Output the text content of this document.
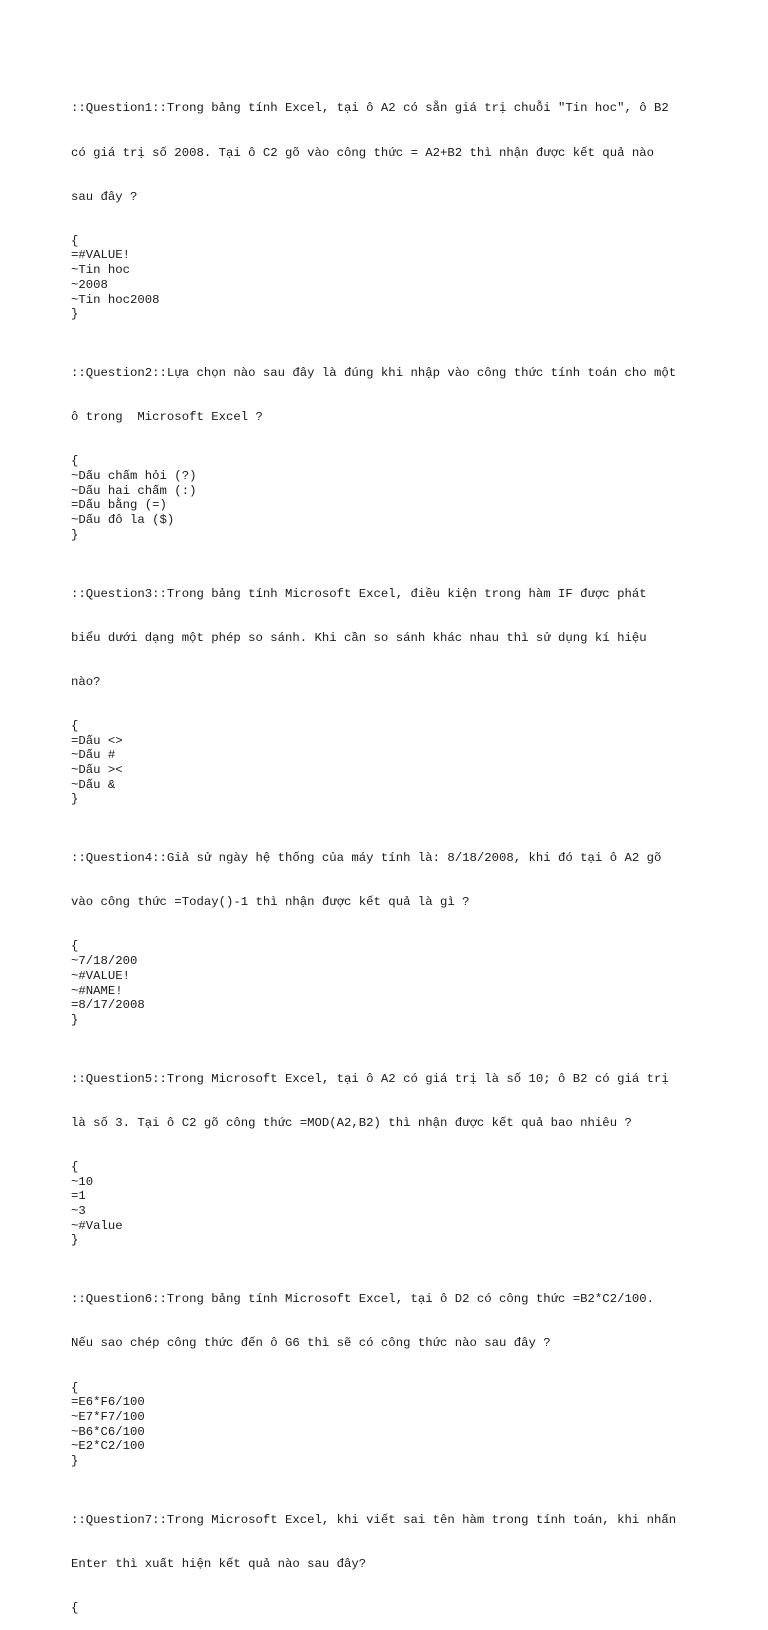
::Question1::Trong bảng tính Excel, tại ô A2 có sẵn giá trị chuỗi "Tin hoc", ô B2

có giá trị số 2008. Tại ô C2 gõ vào công thức = A2+B2 thì nhận được kết quả nào

sau đây ?

{
=#VALUE!
~Tin hoc
~2008
~Tin hoc2008
}

::Question2::Lựa chọn nào sau đây là đúng khi nhập vào công thức tính toán cho một

ô trong  Microsoft Excel ?

{
~Dấu chấm hỏi (?)
~Dấu hai chấm (:)
=Dấu bằng (=)
~Dấu đô la ($)
}

::Question3::Trong bảng tính Microsoft Excel, điều kiện trong hàm IF được phát

biểu dưới dạng một phép so sánh. Khi cần so sánh khác nhau thì sử dụng kí hiệu

nào?

{
=Dấu <>
~Dấu #
~Dấu ><
~Dấu &
}

::Question4::Giả sử ngày hệ thống của máy tính là: 8/18/2008, khi đó tại ô A2 gõ

vào công thức =Today()-1 thì nhận được kết quả là gì ?

{
~7/18/200
~#VALUE!
~#NAME!
=8/17/2008
}

::Question5::Trong Microsoft Excel, tại ô A2 có giá trị là số 10; ô B2 có giá trị

là số 3. Tại ô C2 gõ công thức =MOD(A2,B2) thì nhận được kết quả bao nhiêu ?

{
~10
=1
~3
~#Value
}

::Question6::Trong bảng tính Microsoft Excel, tại ô D2 có công thức =B2*C2/100.

Nếu sao chép công thức đến ô G6 thì sẽ có công thức nào sau đây ?

{
=E6*F6/100
~E7*F7/100
~B6*C6/100
~E2*C2/100
}

::Question7::Trong Microsoft Excel, khi viết sai tên hàm trong tính toán, khi nhấn

Enter thì xuất hiện kết quả nào sau đây?

{
